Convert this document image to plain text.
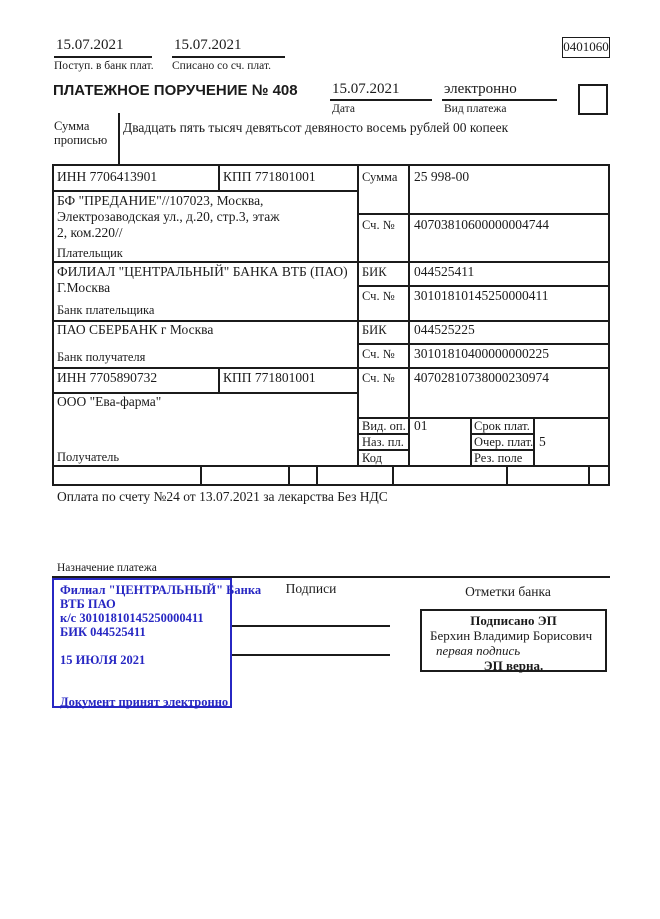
15.07.2021
Поступ. в банк плат.
15.07.2021
Списано со сч. плат.
0401060
ПЛАТЕЖНОЕ ПОРУЧЕНИЕ № 408 15.07.2021
Дата
электронно
Вид платежа
Сумма прописью
Двадцать пять тысяч девятьсот девяносто восемь рублей 00 копеек
ИНН 7706413901	КПП 771801001	Сумма 25 998-00
БФ "ПРЕДАНИЕ"//107023, Москва,
Электрозаводская ул., д.20, стр.3, этаж
2, ком.220//
Плательщик
Сч. № 40703810600000004744
ФИЛИАЛ "ЦЕНТРАЛЬНЫЙ" БАНКА ВТБ (ПАО)
Г.Москва
Банк плательщика
БИК 044525411
Сч. № 30101810145250000411
ПАО СБЕРБАНК г Москва
Банк получателя
БИК 044525225
Сч. № 30101810400000000225
ИНН 7705890732	КПП 771801001	Сч. № 40702810738000230974
ООО "Ева-фарма"
Получатель
Вид. оп. 01
Наз. пл.
Код
Срок плат.
Очер. плат. 5
Рез. поле
Оплата по счету №24 от 13.07.2021 за лекарства Без НДС
Назначение платежа
Подписи	Отметки банка
Подписано ЭП
Берхин Владимир Борисович
первая подпись
ЭП верна.
Филиал "ЦЕНТРАЛЬНЫЙ" Банка
ВТБ ПАО
к/с 30101810145250000411
БИК 044525411
15 ИЮЛЯ 2021
Документ принят электронно
